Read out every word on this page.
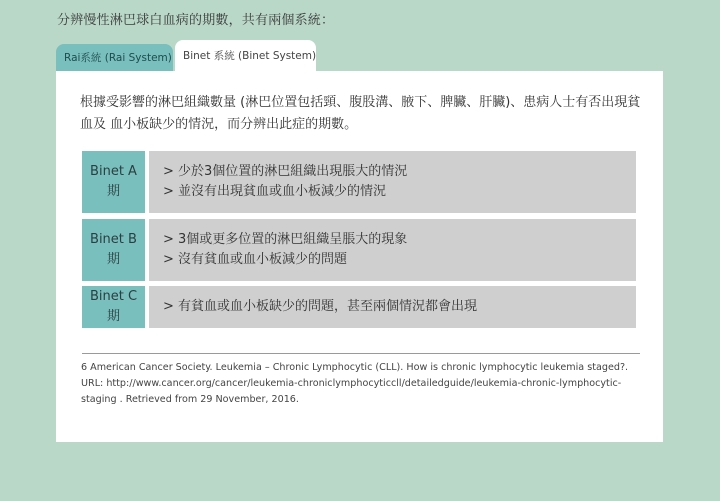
分辨慢性淋巴球白血病的期數，共有兩個系統：
Rai系統 (Rai System)	Binet 系統 (Binet System)
根據受影響的淋巴組織數量 (淋巴位置包括頸、腹股溝、腋下、脾臟、肝臟)、患病人士有否出現貧血及 血小板缺少的情況，而分辨出此症的期數。
Binet A
期
> 少於3個位置的淋巴組織出現脹大的情況
> 並沒有出現貧血或血小板減少的情況
Binet B
期
> 3個或更多位置的淋巴組織呈脹大的現象
> 沒有貧血或血小板減少的問題
Binet C
期
> 有貧血或血小板缺少的問題，甚至兩個情況都會出現
6 American Cancer Society. Leukemia – Chronic Lymphocytic (CLL). How is chronic lymphocytic leukemia staged?. URL: http://www.cancer.org/cancer/leukemia-chroniclymphocyticcll/detailedguide/leukemia-chronic-lymphocytic-staging . Retrieved from 29 November, 2016.
